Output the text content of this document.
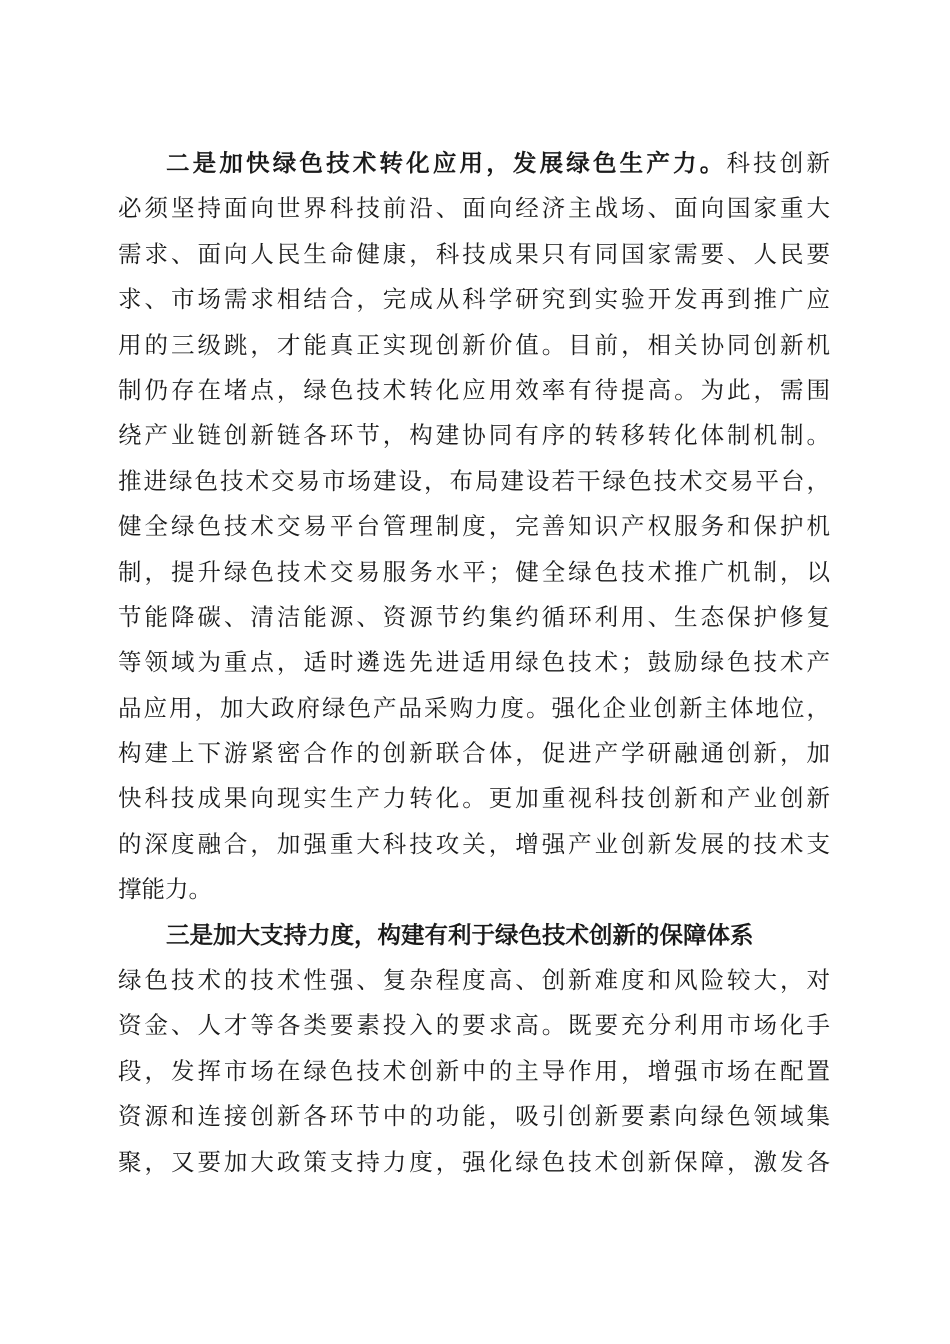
二是加快绿色技术转化应用，发展绿色生产力。科技创新
必须坚持面向世界科技前沿、面向经济主战场、面向国家重大
需求、面向人民生命健康，科技成果只有同国家需要、人民要
求、市场需求相结合，完成从科学研究到实验开发再到推广应
用的三级跳，才能真正实现创新价值。目前，相关协同创新机
制仍存在堵点，绿色技术转化应用效率有待提高。为此，需围
绕产业链创新链各环节，构建协同有序的转移转化体制机制。
推进绿色技术交易市场建设，布局建设若干绿色技术交易平台，
健全绿色技术交易平台管理制度，完善知识产权服务和保护机
制，提升绿色技术交易服务水平；健全绿色技术推广机制，以
节能降碳、清洁能源、资源节约集约循环利用、生态保护修复
等领域为重点，适时遴选先进适用绿色技术；鼓励绿色技术产
品应用，加大政府绿色产品采购力度。强化企业创新主体地位，
构建上下游紧密合作的创新联合体，促进产学研融通创新，加
快科技成果向现实生产力转化。更加重视科技创新和产业创新
的深度融合，加强重大科技攻关，增强产业创新发展的技术支
撑能力。
三是加大支持力度，构建有利于绿色技术创新的保障体系
绿色技术的技术性强、复杂程度高、创新难度和风险较大，对
资金、人才等各类要素投入的要求高。既要充分利用市场化手
段，发挥市场在绿色技术创新中的主导作用，增强市场在配置
资源和连接创新各环节中的功能，吸引创新要素向绿色领域集
聚，又要加大政策支持力度，强化绿色技术创新保障，激发各
